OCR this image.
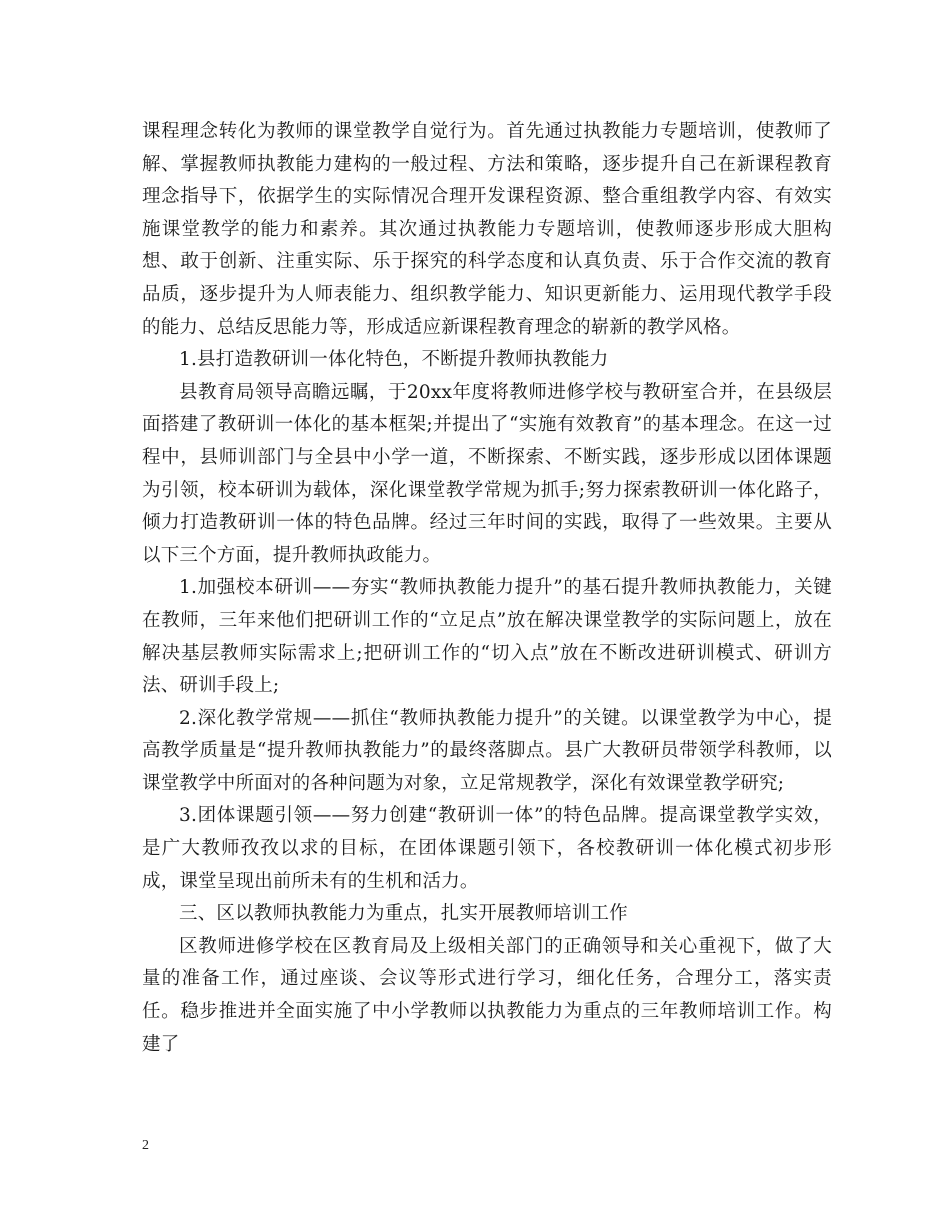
课程理念转化为教师的课堂教学自觉行为。首先通过执教能力专题培训，使教师了解、掌握教师执教能力建构的一般过程、方法和策略，逐步提升自己在新课程教育理念指导下，依据学生的实际情况合理开发课程资源、整合重组教学内容、有效实施课堂教学的能力和素养。其次通过执教能力专题培训，使教师逐步形成大胆构想、敢于创新、注重实际、乐于探究的科学态度和认真负责、乐于合作交流的教育品质，逐步提升为人师表能力、组织教学能力、知识更新能力、运用现代教学手段的能力、总结反思能力等，形成适应新课程教育理念的崭新的教学风格。

1.县打造教研训一体化特色，不断提升教师执教能力

县教育局领导高瞻远瞩，于20xx年度将教师进修学校与教研室合并，在县级层面搭建了教研训一体化的基本框架;并提出了“实施有效教育”的基本理念。在这一过程中，县师训部门与全县中小学一道，不断探索、不断实践，逐步形成以团体课题为引领，校本研训为载体，深化课堂教学常规为抓手;努力探索教研训一体化路子，倾力打造教研训一体的特色品牌。经过三年时间的实践，取得了一些效果。主要从以下三个方面，提升教师执政能力。

1.加强校本研训——夯实“教师执教能力提升”的基石提升教师执教能力，关键在教师，三年来他们把研训工作的“立足点”放在解决课堂教学的实际问题上，放在解决基层教师实际需求上;把研训工作的“切入点”放在不断改进研训模式、研训方法、研训手段上;

2.深化教学常规——抓住“教师执教能力提升”的关键。以课堂教学为中心，提高教学质量是“提升教师执教能力”的最终落脚点。县广大教研员带领学科教师，以课堂教学中所面对的各种问题为对象，立足常规教学，深化有效课堂教学研究;

3.团体课题引领——努力创建“教研训一体”的特色品牌。提高课堂教学实效，是广大教师孜孜以求的目标，在团体课题引领下，各校教研训一体化模式初步形成，课堂呈现出前所未有的生机和活力。

三、区以教师执教能力为重点，扎实开展教师培训工作

区教师进修学校在区教育局及上级相关部门的正确领导和关心重视下，做了大量的准备工作，通过座谈、会议等形式进行学习，细化任务，合理分工，落实责任。稳步推进并全面实施了中小学教师以执教能力为重点的三年教师培训工作。构建了

2
